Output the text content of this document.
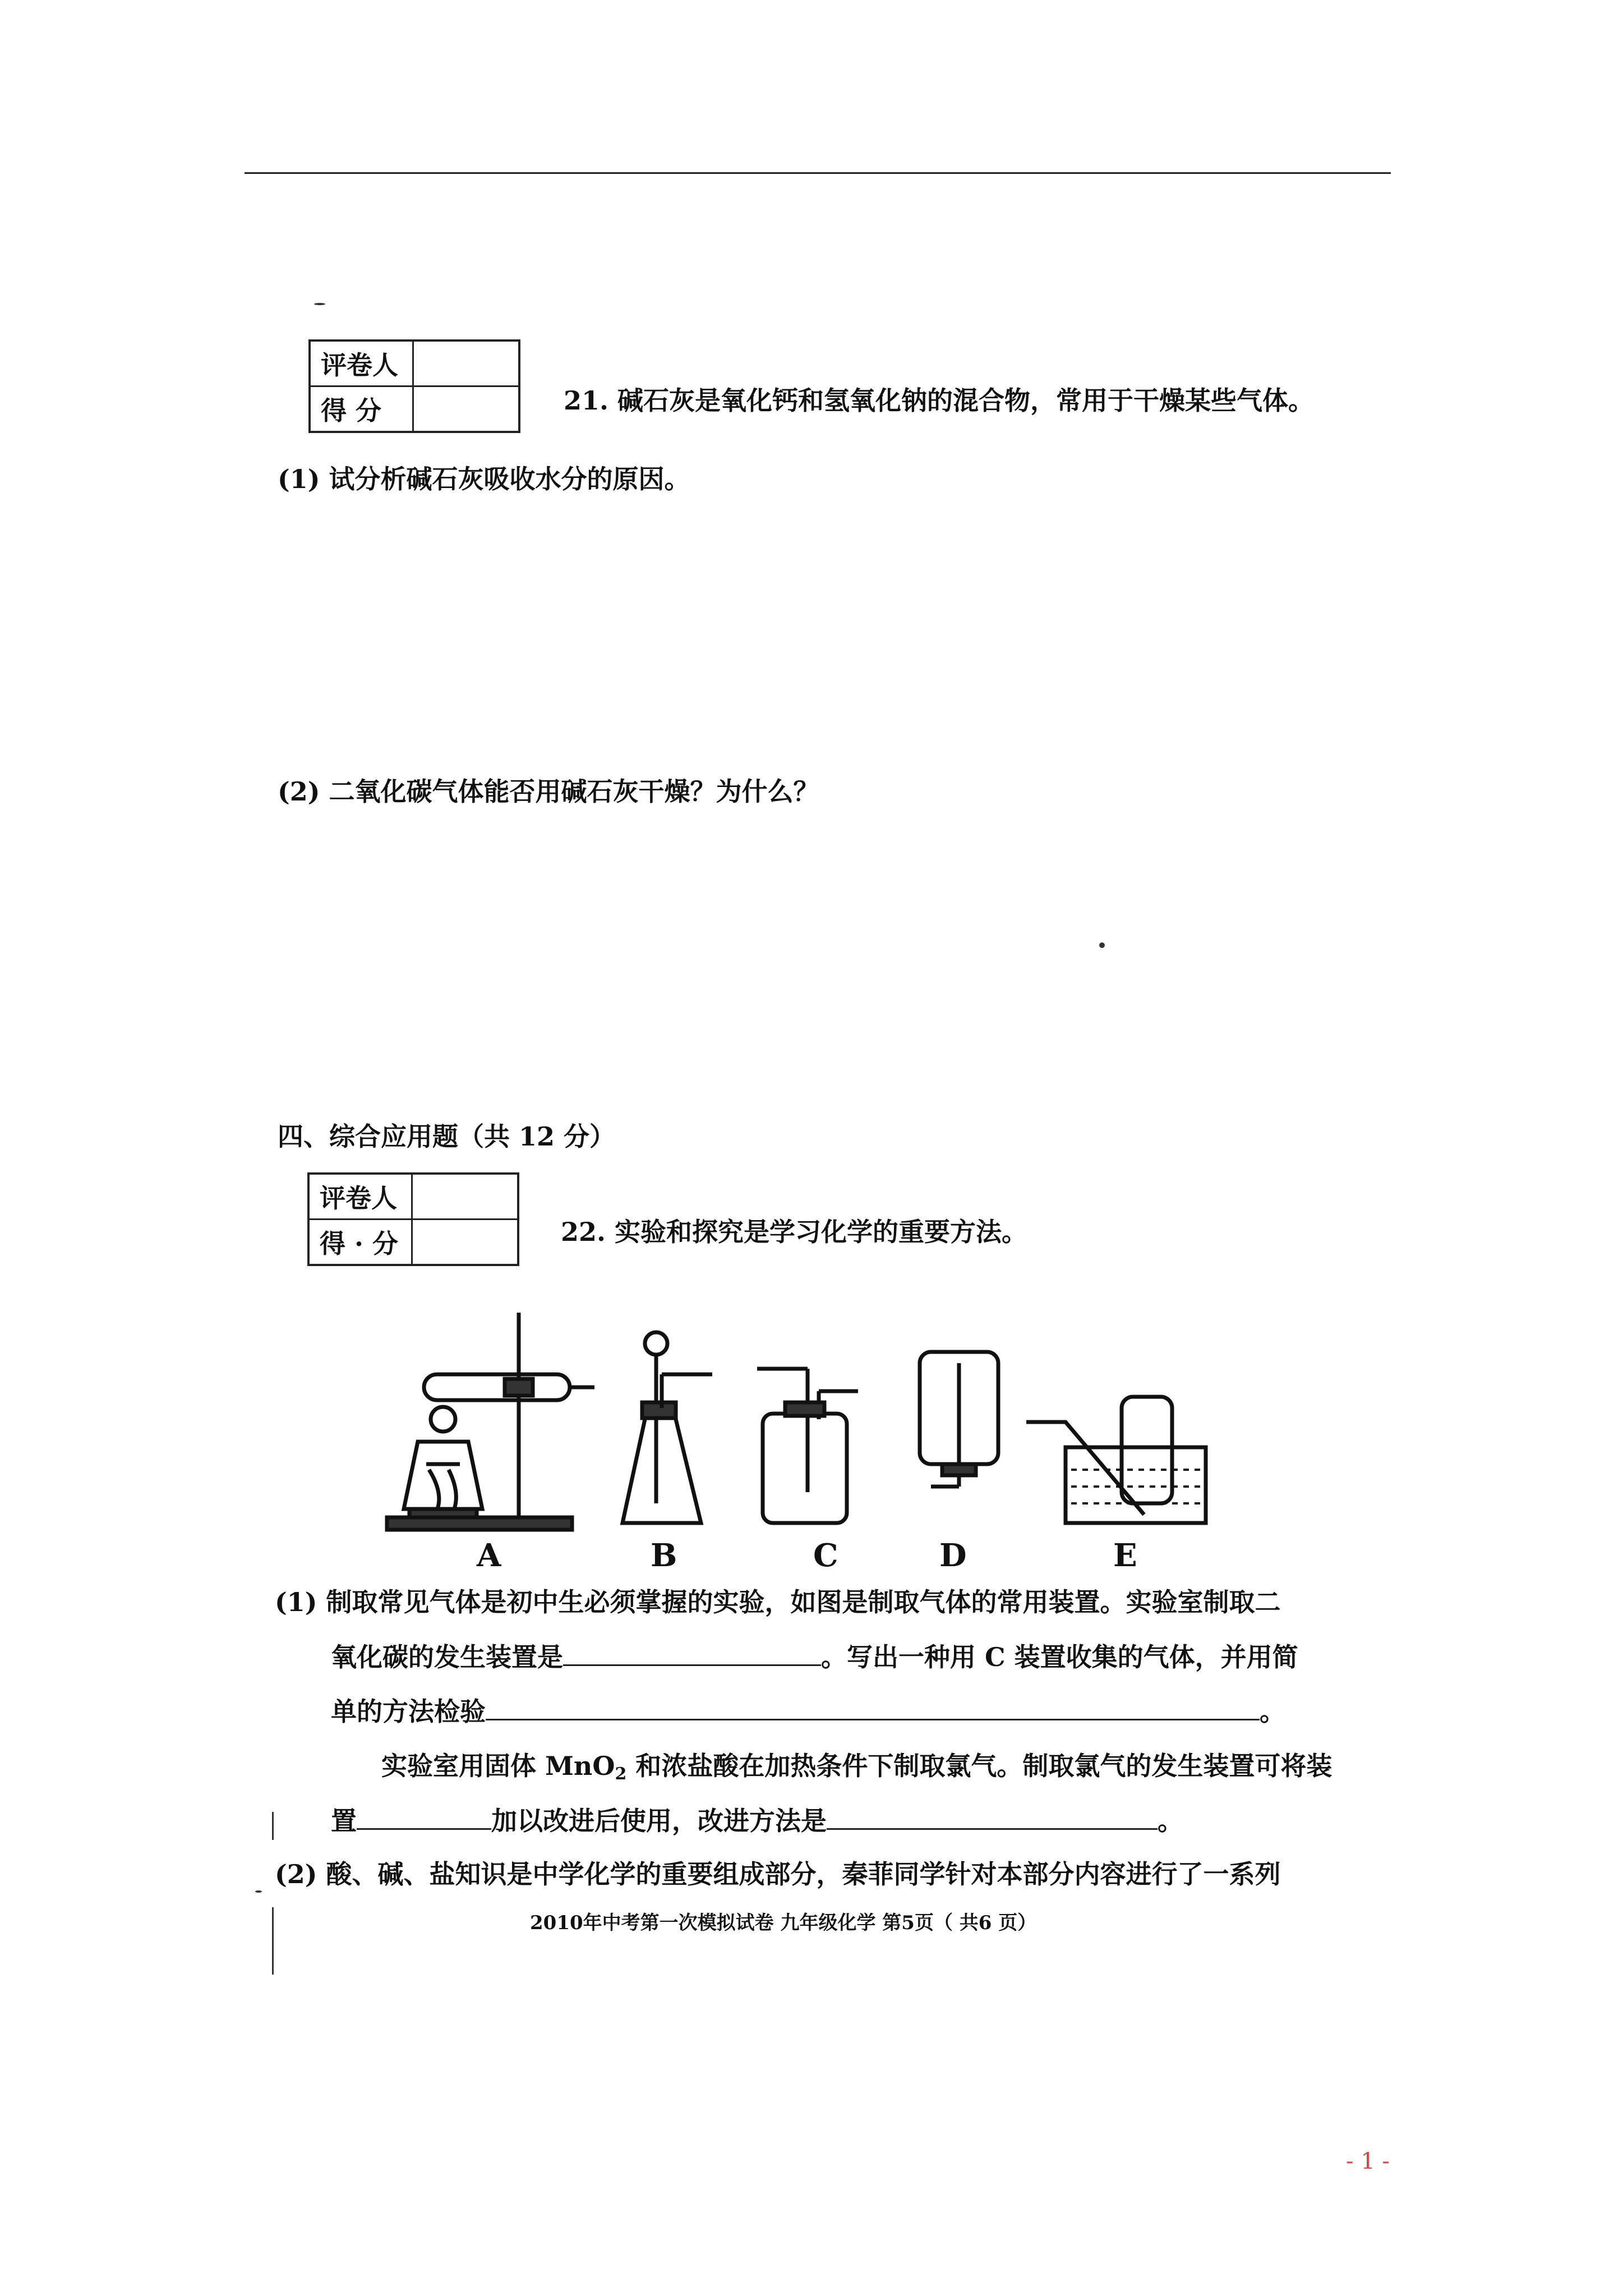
评卷人	
得 分		21. 碱石灰是氧化钙和氢氧化钠的混合物，常用于干燥某些气体。
(1) 试分析碱石灰吸收水分的原因。
(2) 二氧化碳气体能否用碱石灰干燥？为什么？
四、综合应用题（共 12 分）
评卷人	
得 · 分		22. 实验和探究是学习化学的重要方法。
A	B	C	D	E
(1) 制取常见气体是初中生必须掌握的实验，如图是制取气体的常用装置。实验室制取二
氧化碳的发生装置是	。写出一种用 C 装置收集的气体，并用简
单的方法检验	。
实验室用固体 MnO$_2$ 和浓盐酸在加热条件下制取氯气。制取氯气的发生装置可将装
置	加以改进后使用，改进方法是	。
(2) 酸、碱、盐知识是中学化学的重要组成部分，秦菲同学针对本部分内容进行了一系列
2010年中考第一次模拟试卷 九年级化学 第5页（ 共6 页）
- 1 -
